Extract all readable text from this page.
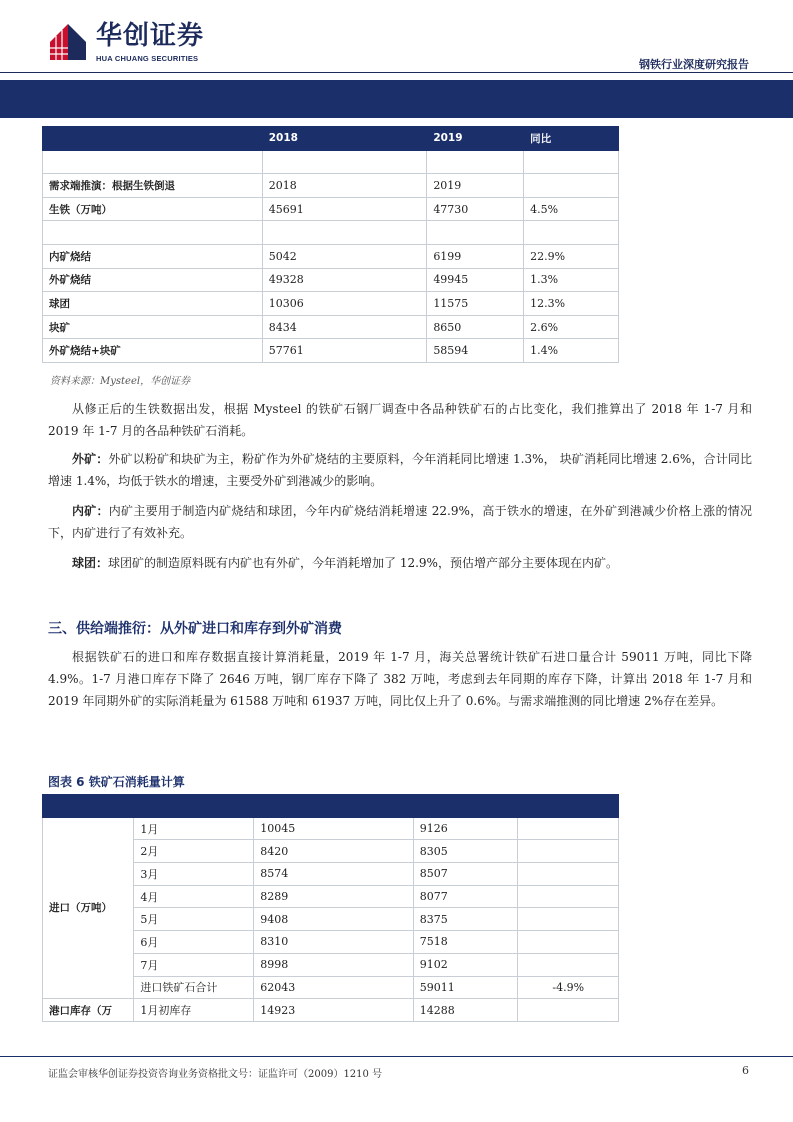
华创证券
HUA CHUANG SECURITIES	钢铁行业深度研究报告
	2018	2019	同比

需求端推演：根据生铁倒退	2018	2019	
生铁（万吨）	45691	47730	4.5%

内矿烧结	5042	6199	22.9%
外矿烧结	49328	49945	1.3%
球团	10306	11575	12.3%
块矿	8434	8650	2.6%
外矿烧结+块矿	57761	58594	1.4%
资料来源：Mysteel，华创证券
从修正后的生铁数据出发，根据 Mysteel 的铁矿石钢厂调查中各品种铁矿石的占比变化，我们推算出了 2018 年 1-7 月和 2019 年 1-7 月的各品种铁矿石消耗。
外矿：外矿以粉矿和块矿为主，粉矿作为外矿烧结的主要原料，今年消耗同比增速 1.3%， 块矿消耗同比增速 2.6%，合计同比增速 1.4%，均低于铁水的增速，主要受外矿到港减少的影响。
内矿：内矿主要用于制造内矿烧结和球团，今年内矿烧结消耗增速 22.9%，高于铁水的增速，在外矿到港减少价格上涨的情况下，内矿进行了有效补充。
球团：球团矿的制造原料既有内矿也有外矿，今年消耗增加了 12.9%，预估增产部分主要体现在内矿。
三、供给端推衍：从外矿进口和库存到外矿消费
根据铁矿石的进口和库存数据直接计算消耗量，2019 年 1-7 月，海关总署统计铁矿石进口量合计 59011 万吨，同比下降 4.9%。1-7 月港口库存下降了 2646 万吨，钢厂库存下降了 382 万吨，考虑到去年同期的库存下降，计算出 2018 年 1-7 月和 2019 年同期外矿的实际消耗量为 61588 万吨和 61937 万吨，同比仅上升了 0.6%。与需求端推测的同比增速 2%存在差异。
图表 6 铁矿石消耗量计算

进口（万吨）	1月	10045	9126	
	2月	8420	8305	
	3月	8574	8507	
	4月	8289	8077	
	5月	9408	8375	
	6月	8310	7518	
	7月	8998	9102	
	进口铁矿石合计	62043	59011	-4.9%
港口库存（万	1月初库存	14923	14288	
证监会审核华创证券投资咨询业务资格批文号：证监许可（2009）1210 号	6
